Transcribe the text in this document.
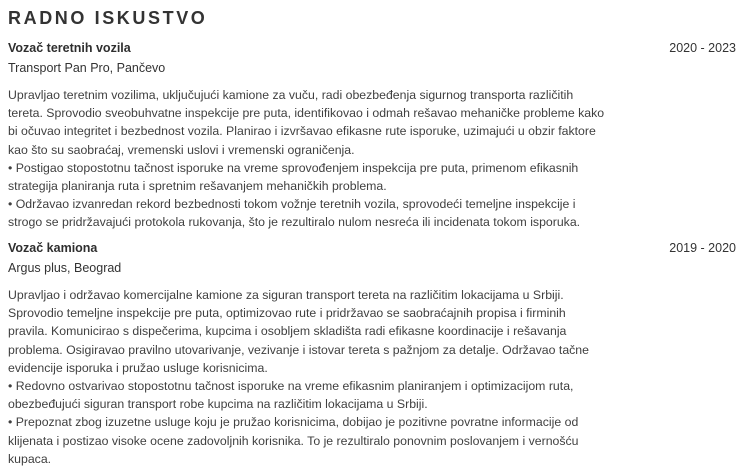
RADNO ISKUSTVO
Vozač teretnih vozila	2020 - 2023
Transport Pan Pro, Pančevo
Upravljao teretnim vozilima, uključujući kamione za vuču, radi obezbeđenja sigurnog transporta različitih
tereta. Sprovodio sveobuhvatne inspekcije pre puta, identifikovao i odmah rešavao mehaničke probleme kako
bi očuvao integritet i bezbednost vozila. Planirao i izvršavao efikasne rute isporuke, uzimajući u obzir faktore
kao što su saobraćaj, vremenski uslovi i vremenski ograničenja.
• Postigao stopostotnu tačnost isporuke na vreme sprovođenjem inspekcija pre puta, primenom efikasnih
strategija planiranja ruta i spretnim rešavanjem mehaničkih problema.
• Održavao izvanredan rekord bezbednosti tokom vožnje teretnih vozila, sprovodeći temeljne inspekcije i
strogo se pridržavajući protokola rukovanja, što je rezultiralo nulom nesreća ili incidenata tokom isporuka.
Vozač kamiona	2019 - 2020
Argus plus, Beograd
Upravljao i održavao komercijalne kamione za siguran transport tereta na različitim lokacijama u Srbiji.
Sprovodio temeljne inspekcije pre puta, optimizovao rute i pridržavao se saobraćajnih propisa i firminih
pravila. Komunicirao s dispečerima, kupcima i osobljem skladišta radi efikasne koordinacije i rešavanja
problema. Osigiravao pravilno utovarivanje, vezivanje i istovar tereta s pažnjom za detalje. Održavao tačne
evidencije isporuka i pružao usluge korisnicima.
• Redovno ostvarivao stopostotnu tačnost isporuke na vreme efikasnim planiranjem i optimizacijom ruta,
obezbeđujući siguran transport robe kupcima na različitim lokacijama u Srbiji.
• Prepoznat zbog izuzetne usluge koju je pružao korisnicima, dobijao je pozitivne povratne informacije od
klijenata i postizao visoke ocene zadovoljnih korisnika. To je rezultiralo ponovnim poslovanjem i vernošću
kupaca.
